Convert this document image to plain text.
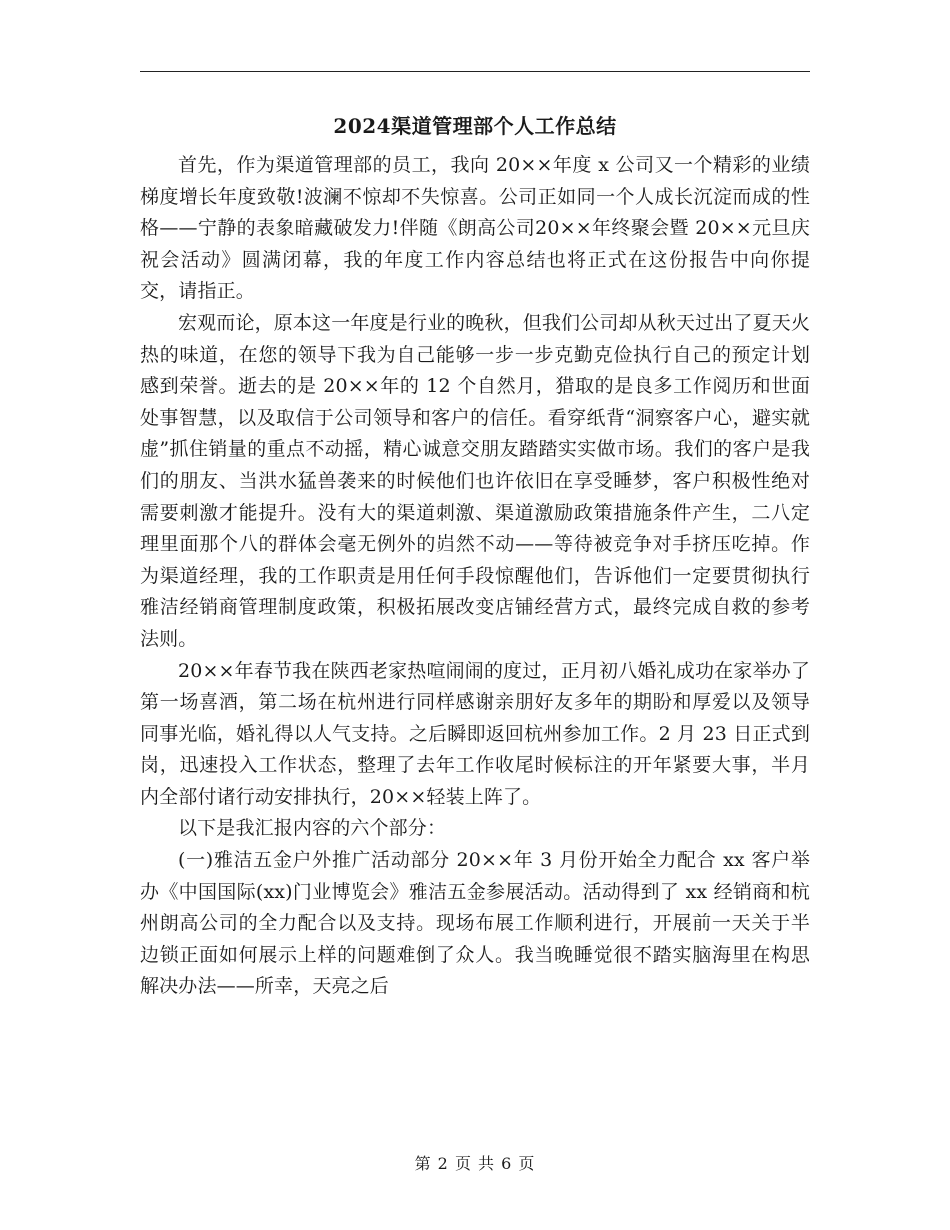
2024渠道管理部个人工作总结

首先，作为渠道管理部的员工，我向 20××年度 x 公司又一个精彩的业绩梯度增长年度致敬!波澜不惊却不失惊喜。公司正如同一个人成长沉淀而成的性格——宁静的表象暗藏破发力!伴随《朗高公司20××年终聚会暨 20××元旦庆祝会活动》圆满闭幕，我的年度工作内容总结也将正式在这份报告中向你提交，请指正。

宏观而论，原本这一年度是行业的晚秋，但我们公司却从秋天过出了夏天火热的味道，在您的领导下我为自己能够一步一步克勤克俭执行自己的预定计划感到荣誉。逝去的是 20××年的 12 个自然月，猎取的是良多工作阅历和世面处事智慧，以及取信于公司领导和客户的信任。看穿纸背“洞察客户心，避实就虚”抓住销量的重点不动摇，精心诚意交朋友踏踏实实做市场。我们的客户是我们的朋友、当洪水猛兽袭来的时候他们也许依旧在享受睡梦，客户积极性绝对需要刺激才能提升。没有大的渠道刺激、渠道激励政策措施条件产生，二八定理里面那个八的群体会毫无例外的岿然不动——等待被竞争对手挤压吃掉。作为渠道经理，我的工作职责是用任何手段惊醒他们，告诉他们一定要贯彻执行雅洁经销商管理制度政策，积极拓展改变店铺经营方式，最终完成自救的参考法则。

20××年春节我在陕西老家热喧闹闹的度过，正月初八婚礼成功在家举办了第一场喜酒，第二场在杭州进行同样感谢亲朋好友多年的期盼和厚爱以及领导同事光临，婚礼得以人气支持。之后瞬即返回杭州参加工作。2 月 23 日正式到岗，迅速投入工作状态，整理了去年工作收尾时候标注的开年紧要大事，半月内全部付诸行动安排执行，20××轻装上阵了。

以下是我汇报内容的六个部分：

(一)雅洁五金户外推广活动部分 20××年 3 月份开始全力配合 xx 客户举办《中国国际(xx)门业博览会》雅洁五金参展活动。活动得到了 xx 经销商和杭州朗高公司的全力配合以及支持。现场布展工作顺利进行，开展前一天关于半边锁正面如何展示上样的问题难倒了众人。我当晚睡觉很不踏实脑海里在构思解决办法——所幸，天亮之后

第 2 页 共 6 页
